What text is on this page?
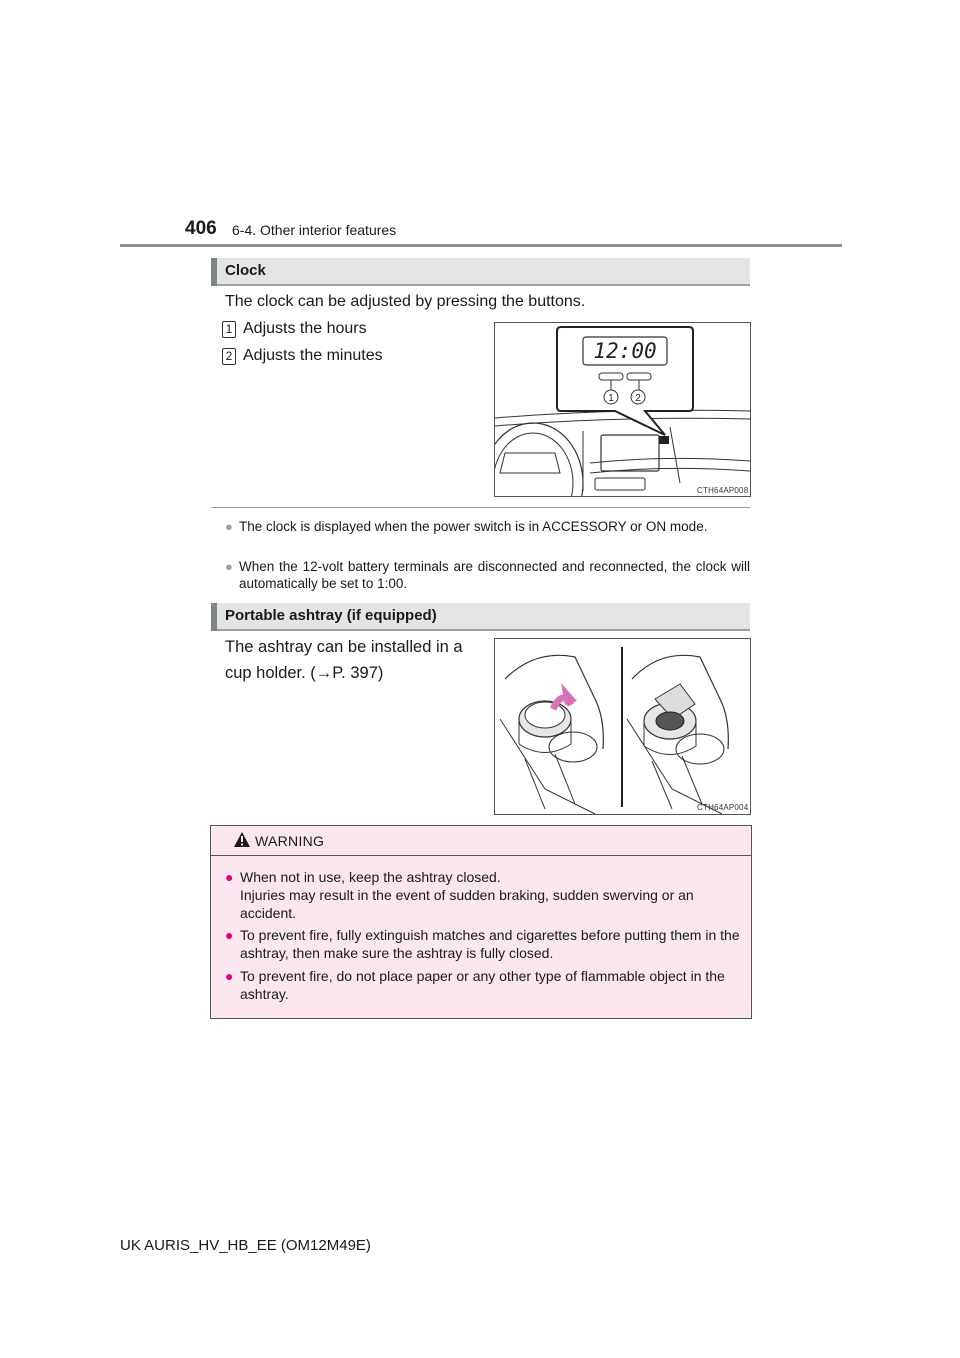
406 6-4. Other interior features
Clock
The clock can be adjusted by pressing the buttons.
1 Adjusts the hours
2 Adjusts the minutes	12:00
1 2
CTH64AP008
● The clock is displayed when the power switch is in ACCESSORY or ON mode.
● When the 12-volt battery terminals are disconnected and reconnected, the clock will automatically be set to 1:00.
Portable ashtray (if equipped)
The ashtray can be installed in a
cup holder. (→P. 397)
CTH64AP004
WARNING
● When not in use, keep the ashtray closed.
Injuries may result in the event of sudden braking, sudden swerving or an accident.
● To prevent fire, fully extinguish matches and cigarettes before putting them in the ashtray, then make sure the ashtray is fully closed.
● To prevent fire, do not place paper or any other type of flammable object in the ashtray.
UK AURIS_HV_HB_EE (OM12M49E)
